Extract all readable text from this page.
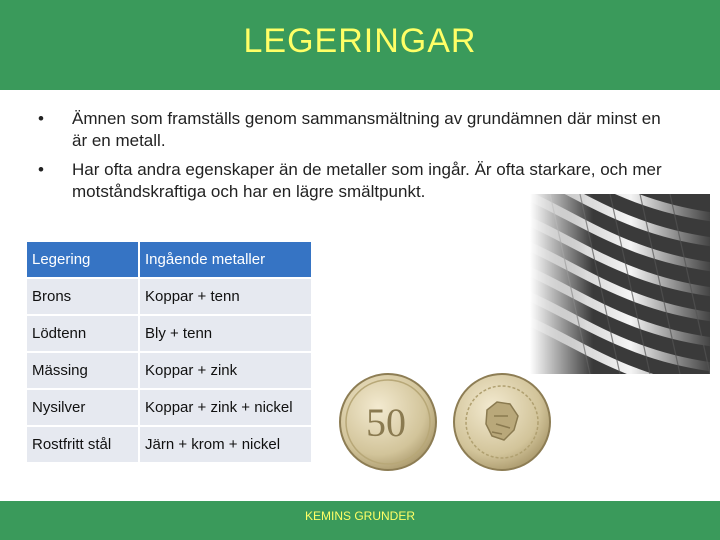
LEGERINGAR
• Ämnen som framställs genom sammansmältning av grundämnen där minst en är en metall.
• Har ofta andra egenskaper än de metaller som ingår. Är ofta starkare, och mer motståndskraftiga och har en lägre smältpunkt.
Legering	Ingående metaller
Brons	Koppar + tenn
Lödtenn	Bly + tenn
Mässing	Koppar + zink
Nysilver	Koppar + zink + nickel
Rostfritt stål	Järn + krom + nickel 50
KEMINS GRUNDER
